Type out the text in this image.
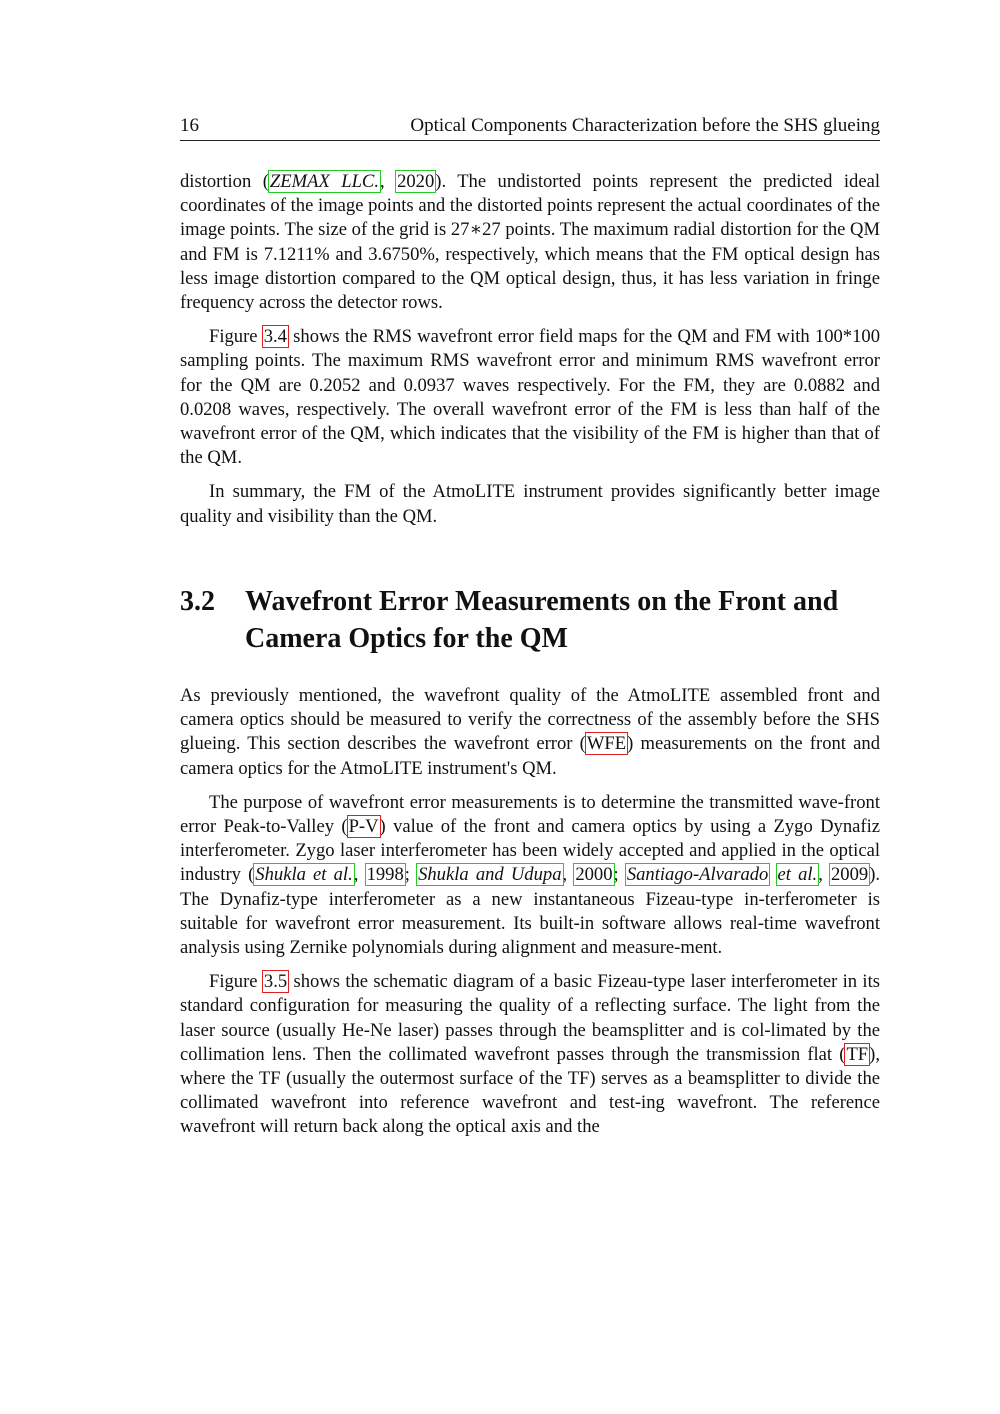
16	Optical Components Characterization before the SHS glueing

distortion (ZEMAX LLC., 2020). The undistorted points represent the predicted ideal coordinates of the image points and the distorted points represent the actual coordinates of the image points. The size of the grid is 27∗27 points. The maximum radial distortion for the QM and FM is 7.1211% and 3.6750%, respectively, which means that the FM optical design has less image distortion compared to the QM optical design, thus, it has less variation in fringe frequency across the detector rows.

Figure 3.4 shows the RMS wavefront error field maps for the QM and FM with 100*100 sampling points. The maximum RMS wavefront error and minimum RMS wavefront error for the QM are 0.2052 and 0.0937 waves respectively. For the FM, they are 0.0882 and 0.0208 waves, respectively. The overall wavefront error of the FM is less than half of the wavefront error of the QM, which indicates that the visibility of the FM is higher than that of the QM.

In summary, the FM of the AtmoLITE instrument provides significantly better image quality and visibility than the QM.

3.2 Wavefront Error Measurements on the Front and Camera Optics for the QM

As previously mentioned, the wavefront quality of the AtmoLITE assembled front and camera optics should be measured to verify the correctness of the assembly before the SHS glueing. This section describes the wavefront error (WFE) measurements on the front and camera optics for the AtmoLITE instrument's QM.

The purpose of wavefront error measurements is to determine the transmitted wave-front error Peak-to-Valley (P-V) value of the front and camera optics by using a Zygo Dynafiz interferometer. Zygo laser interferometer has been widely accepted and applied in the optical industry (Shukla et al., 1998; Shukla and Udupa, 2000; Santiago-Alvarado et al., 2009). The Dynafiz-type interferometer as a new instantaneous Fizeau-type in-terferometer is suitable for wavefront error measurement. Its built-in software allows real-time wavefront analysis using Zernike polynomials during alignment and measure-ment.

Figure 3.5 shows the schematic diagram of a basic Fizeau-type laser interferometer in its standard configuration for measuring the quality of a reflecting surface. The light from the laser source (usually He-Ne laser) passes through the beamsplitter and is col-limated by the collimation lens. Then the collimated wavefront passes through the transmission flat (TF), where the TF (usually the outermost surface of the TF) serves as a beamsplitter to divide the collimated wavefront into reference wavefront and test-ing wavefront. The reference wavefront will return back along the optical axis and the
